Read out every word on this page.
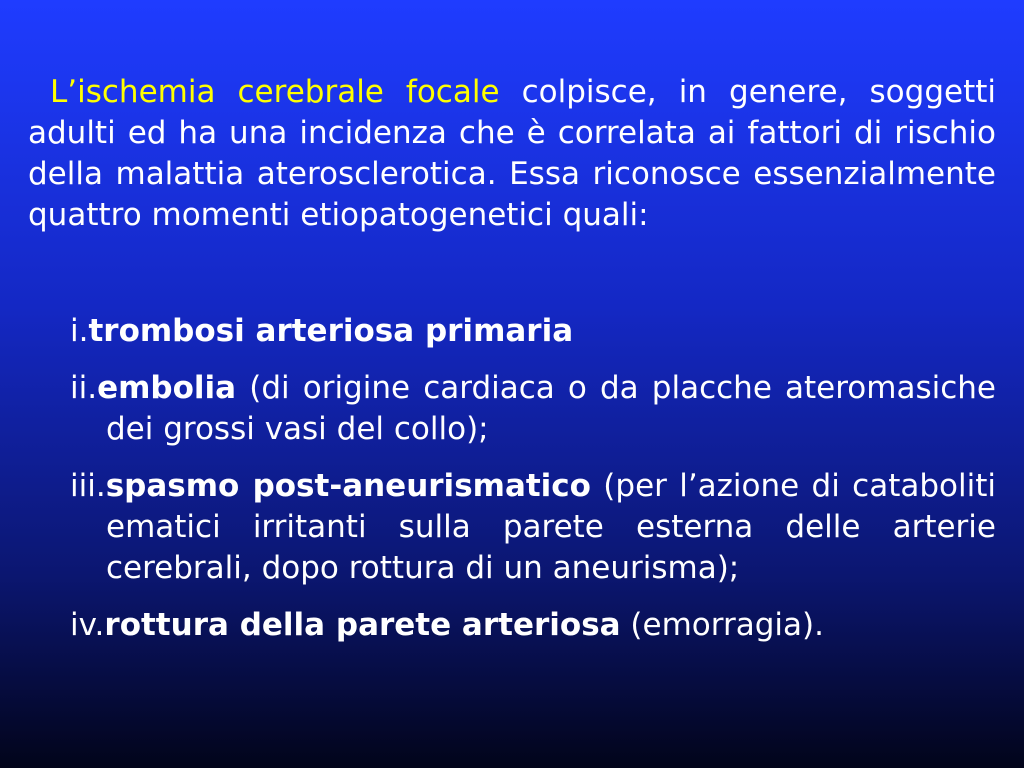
L’ischemia cerebrale focale colpisce, in genere, soggetti adulti ed ha una incidenza che è correlata ai fattori di rischio della malattia aterosclerotica. Essa riconosce essenzialmente quattro momenti etiopatogenetici quali:

i.trombosi arteriosa primaria
ii.embolia (di origine cardiaca o da placche ateromasiche dei grossi vasi del collo);
iii.spasmo post-aneurismatico (per l’azione di cataboliti ematici irritanti sulla parete esterna delle arterie cerebrali, dopo rottura di un aneurisma);
iv.rottura della parete arteriosa (emorragia).
